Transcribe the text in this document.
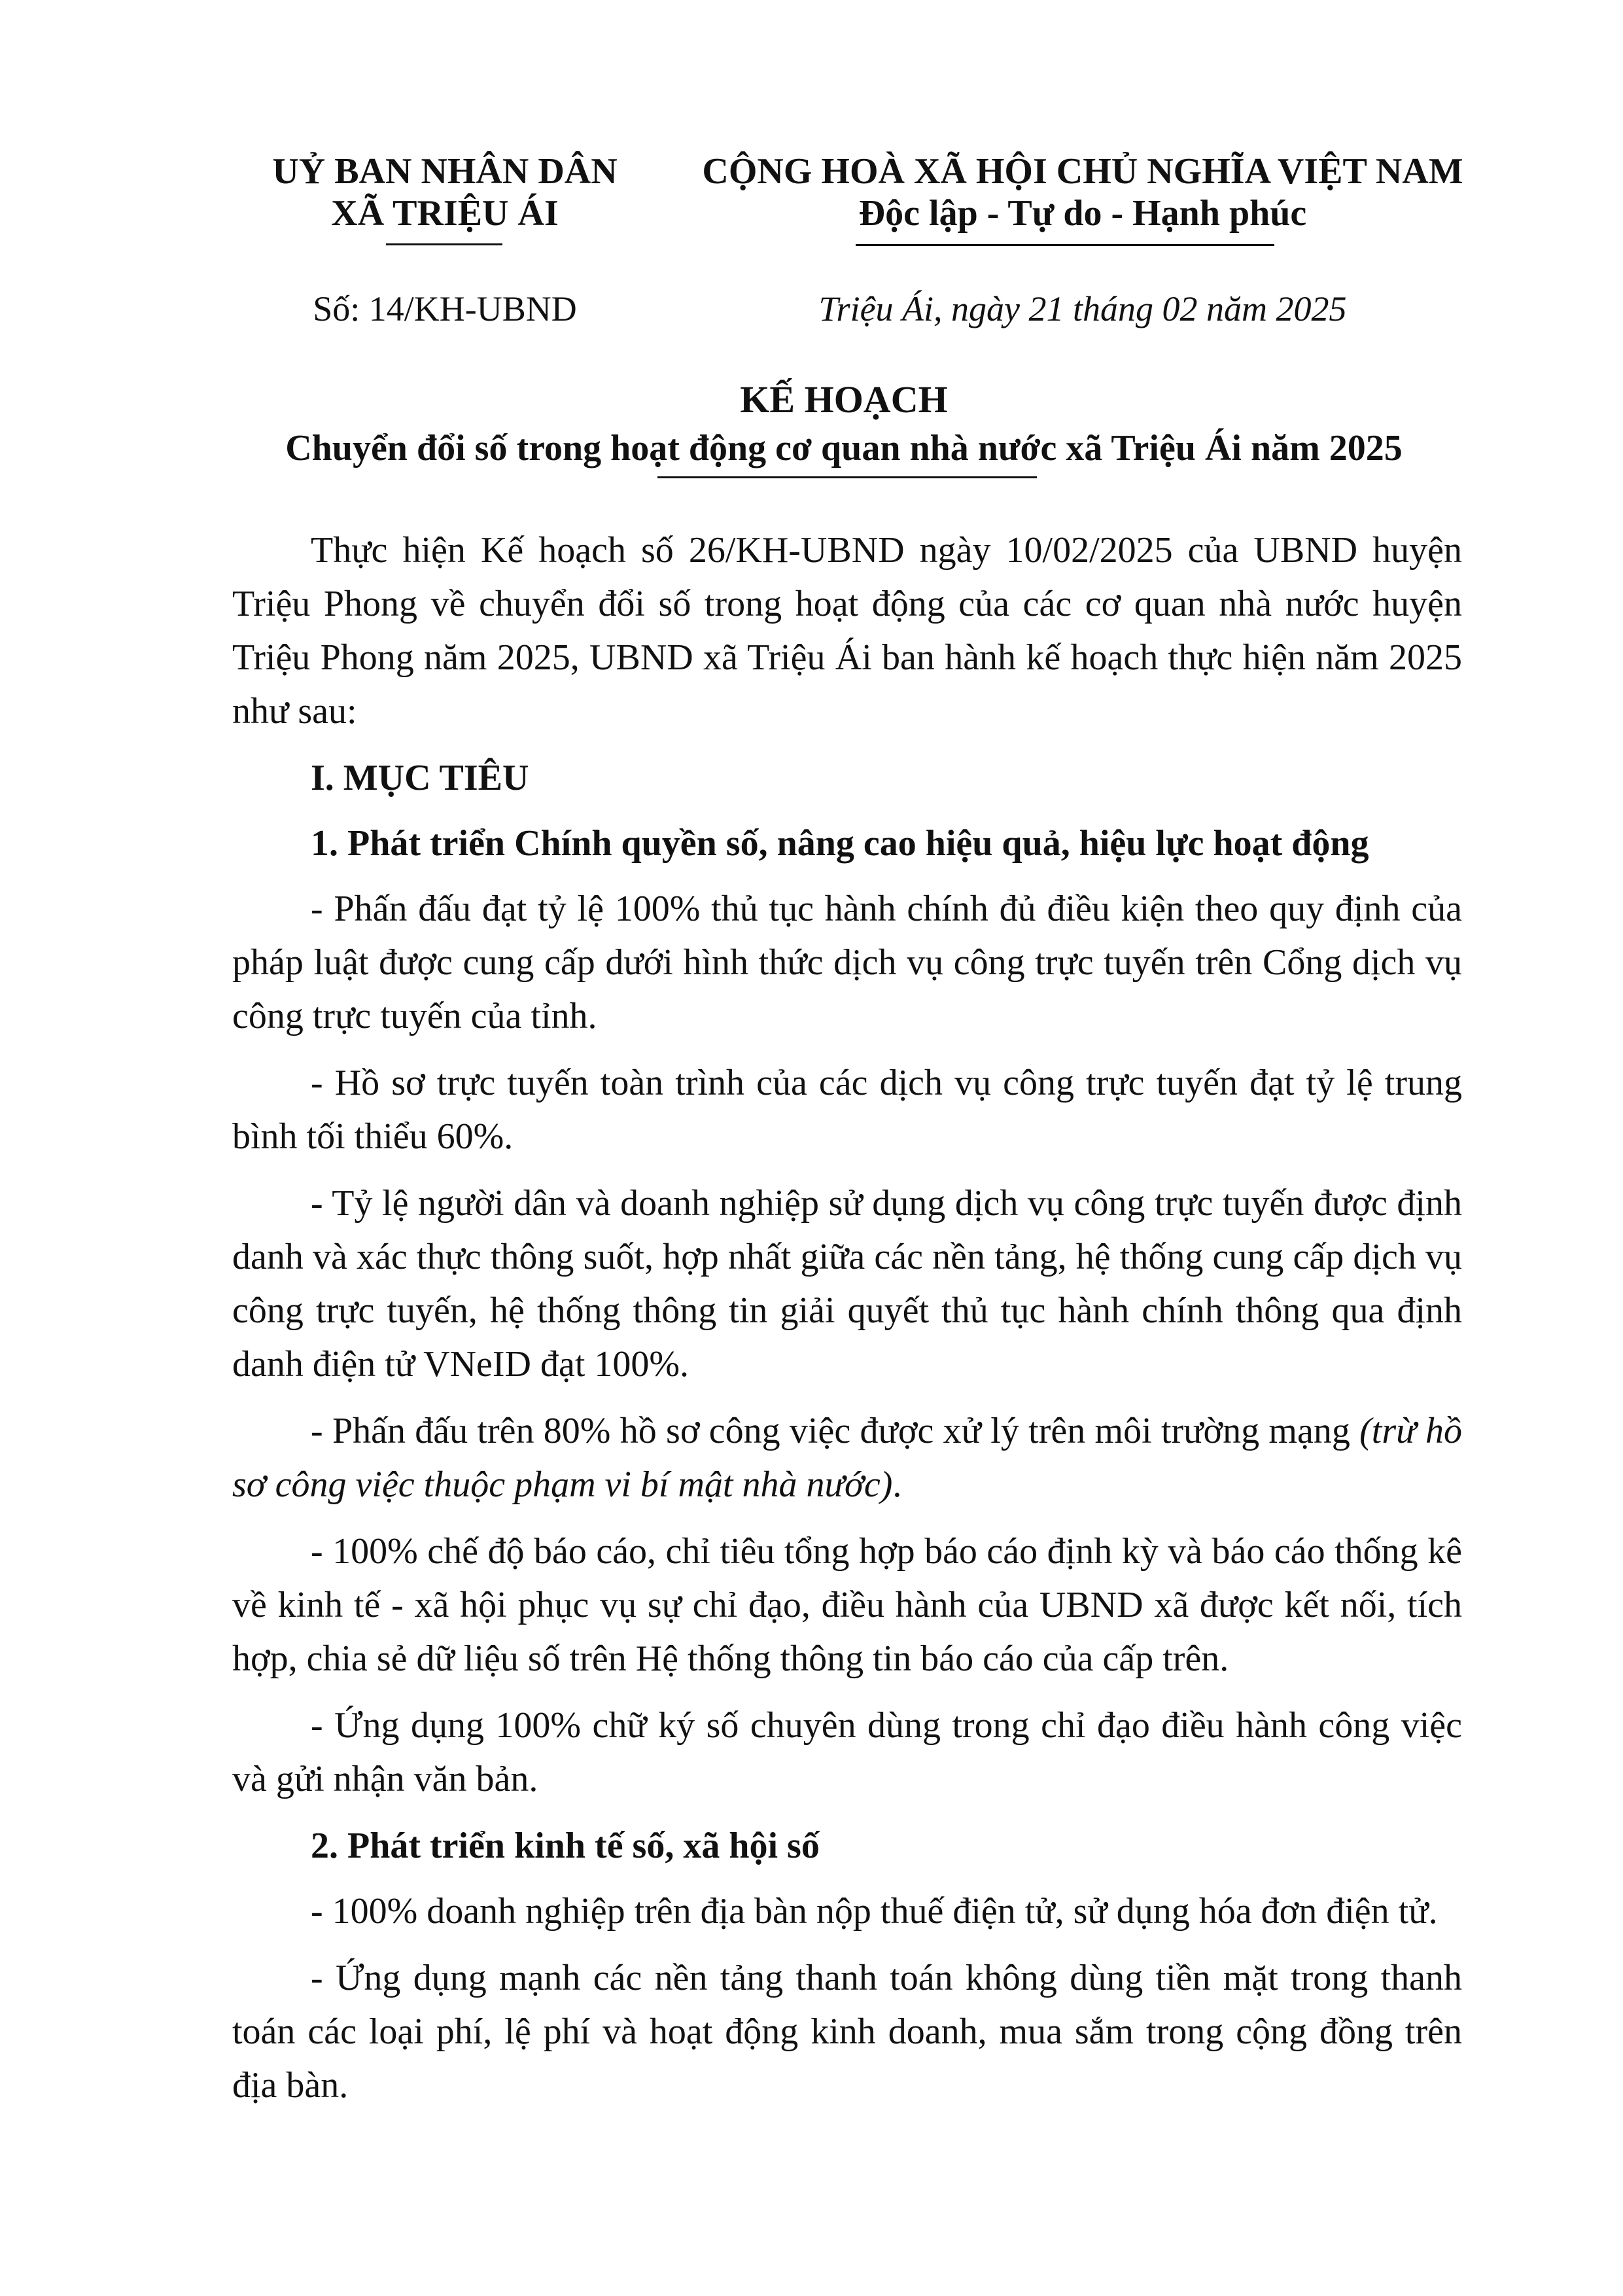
UỶ BAN NHÂN DÂN
XÃ TRIỆU ÁI
CỘNG HOÀ XÃ HỘI CHỦ NGHĨA VIỆT NAM
Độc lập - Tự do - Hạnh phúc
Số: 14/KH-UBND	Triệu Ái, ngày 21 tháng 02 năm 2025
KẾ HOẠCH
Chuyển đổi số trong hoạt động cơ quan nhà nước xã Triệu Ái năm 2025

Thực hiện Kế hoạch số 26/KH-UBND ngày 10/02/2025 của UBND huyện Triệu Phong về chuyển đổi số trong hoạt động của các cơ quan nhà nước huyện Triệu Phong năm 2025, UBND xã Triệu Ái ban hành kế hoạch thực hiện năm 2025 như sau:

I. MỤC TIÊU

1. Phát triển Chính quyền số, nâng cao hiệu quả, hiệu lực hoạt động

- Phấn đấu đạt tỷ lệ 100% thủ tục hành chính đủ điều kiện theo quy định của pháp luật được cung cấp dưới hình thức dịch vụ công trực tuyến trên Cổng dịch vụ công trực tuyến của tỉnh.

- Hồ sơ trực tuyến toàn trình của các dịch vụ công trực tuyến đạt tỷ lệ trung bình tối thiểu 60%.

- Tỷ lệ người dân và doanh nghiệp sử dụng dịch vụ công trực tuyến được định danh và xác thực thông suốt, hợp nhất giữa các nền tảng, hệ thống cung cấp dịch vụ công trực tuyến, hệ thống thông tin giải quyết thủ tục hành chính thông qua định danh điện tử VNeID đạt 100%.

- Phấn đấu trên 80% hồ sơ công việc được xử lý trên môi trường mạng (trừ hồ sơ công việc thuộc phạm vi bí mật nhà nước).

- 100% chế độ báo cáo, chỉ tiêu tổng hợp báo cáo định kỳ và báo cáo thống kê về kinh tế - xã hội phục vụ sự chỉ đạo, điều hành của UBND xã được kết nối, tích hợp, chia sẻ dữ liệu số trên Hệ thống thông tin báo cáo của cấp trên.

- Ứng dụng 100% chữ ký số chuyên dùng trong chỉ đạo điều hành công việc và gửi nhận văn bản.

2. Phát triển kinh tế số, xã hội số

- 100% doanh nghiệp trên địa bàn nộp thuế điện tử, sử dụng hóa đơn điện tử.

- Ứng dụng mạnh các nền tảng thanh toán không dùng tiền mặt trong thanh toán các loại phí, lệ phí và hoạt động kinh doanh, mua sắm trong cộng đồng trên địa bàn.
